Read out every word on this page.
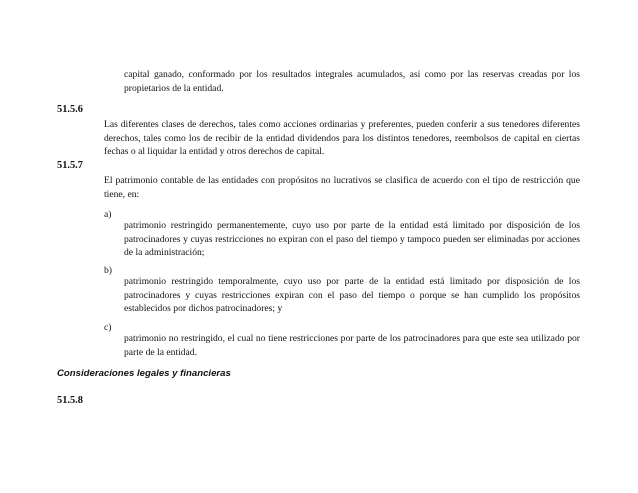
capital ganado, conformado por los resultados integrales acumulados, así como por las reservas creadas por los propietarios de la entidad.

51.5.6

Las diferentes clases de derechos, tales como acciones ordinarias y preferentes, pueden conferir a sus tenedores diferentes derechos, tales como los de recibir de la entidad dividendos para los distintos tenedores, reembolsos de capital en ciertas fechas o al liquidar la entidad y otros derechos de capital.

51.5.7

El patrimonio contable de las entidades con propósitos no lucrativos se clasifica de acuerdo con el tipo de restricción que tiene, en:

a)

patrimonio restringido permanentemente, cuyo uso por parte de la entidad está limitado por disposición de los patrocinadores y cuyas restricciones no expiran con el paso del tiempo y tampoco pueden ser eliminadas por acciones de la administración;

b)

patrimonio restringido temporalmente, cuyo uso por parte de la entidad está limitado por disposición de los patrocinadores y cuyas restricciones expiran con el paso del tiempo o porque se han cumplido los propósitos establecidos por dichos patrocinadores; y

c)

patrimonio no restringido, el cual no tiene restricciones por parte de los patrocinadores para que este sea utilizado por parte de la entidad.

Consideraciones legales y financieras
51.5.8
